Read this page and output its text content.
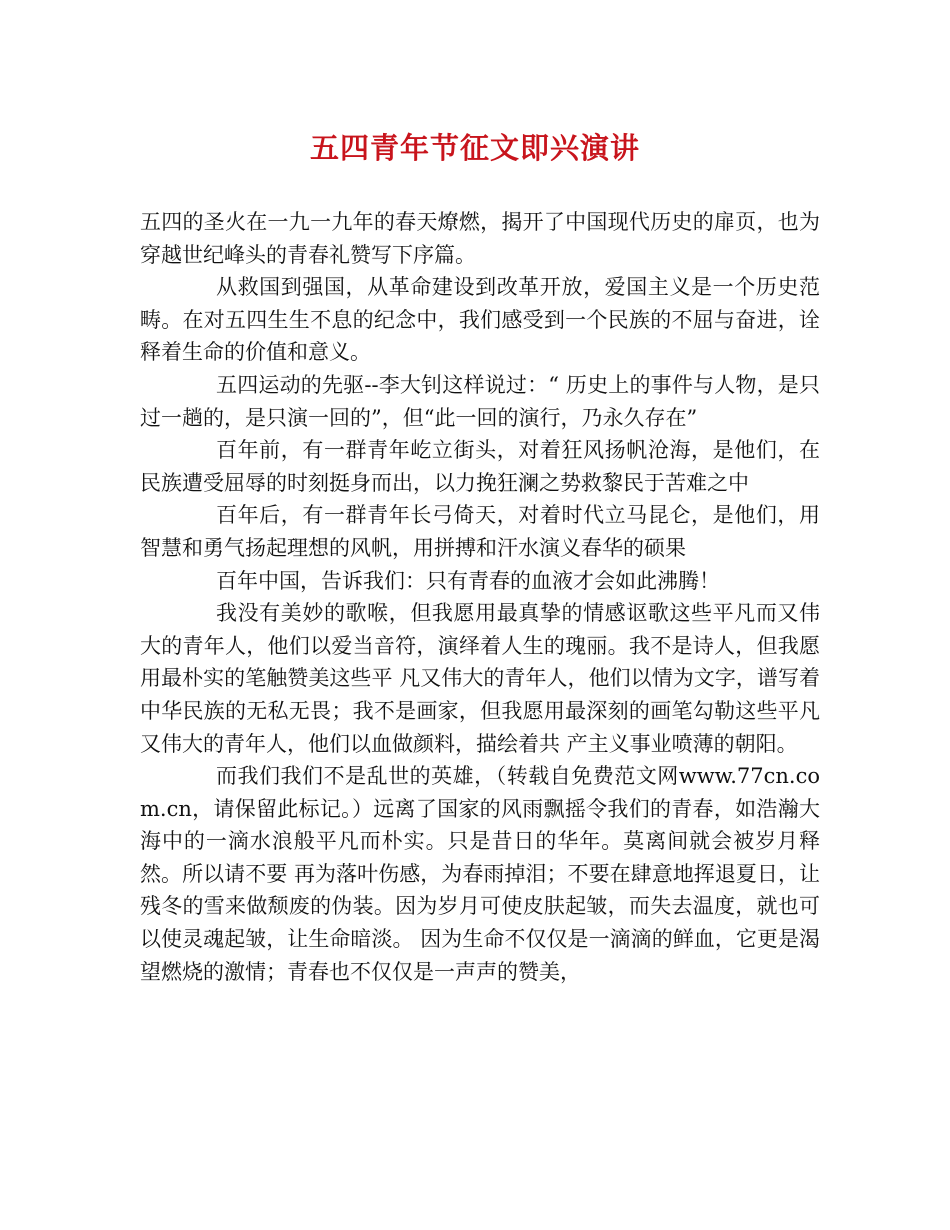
五四青年节征文即兴演讲

五四的圣火在一九一九年的春天燎燃，揭开了中国现代历史的扉页，也为穿越世纪峰头的青春礼赞写下序篇。

从救国到强国，从革命建设到改革开放，爱国主义是一个历史范畴。在对五四生生不息的纪念中，我们感受到一个民族的不屈与奋进，诠释着生命的价值和意义。

五四运动的先驱--李大钊这样说过：“ 历史上的事件与人物，是只过一趟的，是只演一回的”，但“此一回的演行，乃永久存在”

百年前，有一群青年屹立街头，对着狂风扬帆沧海，是他们，在民族遭受屈辱的时刻挺身而出，以力挽狂澜之势救黎民于苦难之中

百年后，有一群青年长弓倚天，对着时代立马昆仑，是他们，用智慧和勇气扬起理想的风帆，用拼搏和汗水演义春华的硕果

百年中国，告诉我们：只有青春的血液才会如此沸腾！

我没有美妙的歌喉，但我愿用最真挚的情感讴歌这些平凡而又伟大的青年人，他们以爱当音符，演绎着人生的瑰丽。我不是诗人，但我愿用最朴实的笔触赞美这些平 凡又伟大的青年人，他们以情为文字，谱写着中华民族的无私无畏；我不是画家，但我愿用最深刻的画笔勾勒这些平凡又伟大的青年人，他们以血做颜料，描绘着共 产主义事业喷薄的朝阳。

而我们我们不是乱世的英雄，（转载自免费范文网www.77cn.com.cn，请保留此标记。）远离了国家的风雨飘摇令我们的青春，如浩瀚大海中的一滴水浪般平凡而朴实。只是昔日的华年。莫离间就会被岁月释然。所以请不要 再为落叶伤感，为春雨掉泪；不要在肆意地挥退夏日，让残冬的雪来做颓废的伪装。因为岁月可使皮肤起皱，而失去温度，就也可以使灵魂起皱，让生命暗淡。 因为生命不仅仅是一滴滴的鲜血，它更是渴望燃烧的激情；青春也不仅仅是一声声的赞美，
